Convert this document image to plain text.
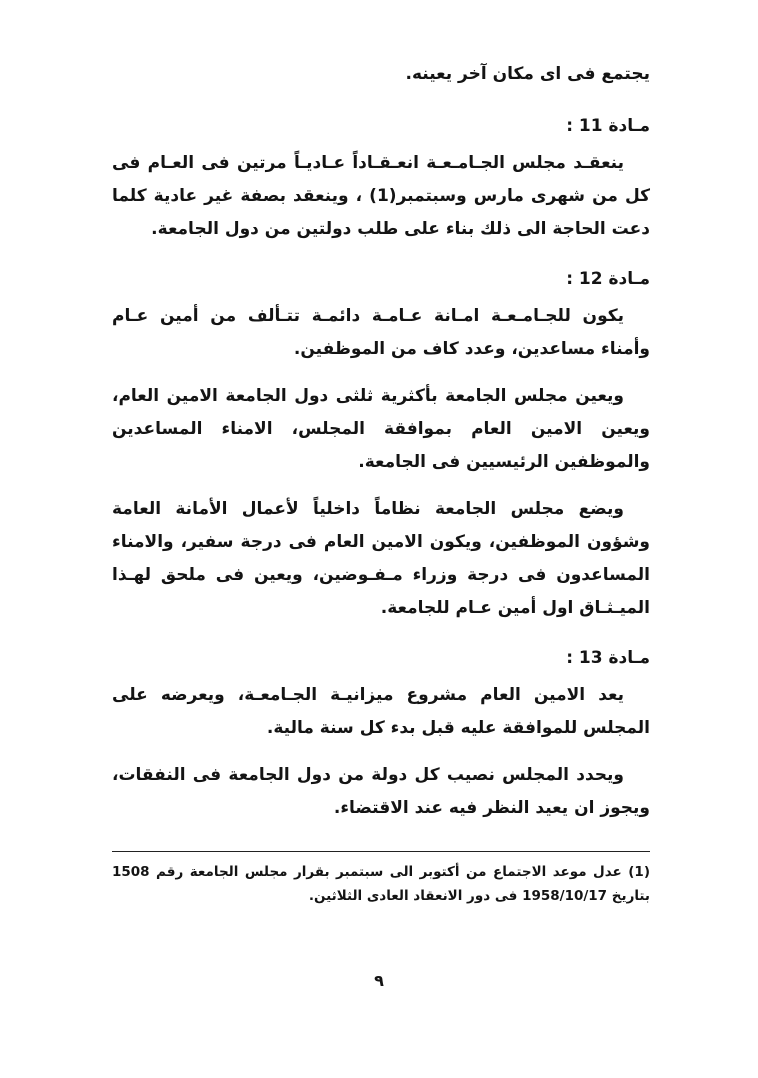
يجتمع فى اى مكان آخر يعينه.

مـادة 11 :

ينعقـد مجلس الجـامـعـة انعـقـاداً عـاديـاً مرتين فى العـام فى كل من شهرى مارس وسبتمبر(1) ، وينعقد بصفة غير عادية كلما دعت الحاجة الى ذلك بناء على طلب دولتين من دول الجامعة.

مـادة 12 :

يكون للجـامـعـة امـانة عـامـة دائمـة تتـألف من أمين عـام وأمناء مساعدين، وعدد كاف من الموظفين.

ويعين مجلس الجامعة بأكثرية ثلثى دول الجامعة الامين العام، ويعين الامين العام بموافقة المجلس، الامناء المساعدين والموظفين الرئيسيين فى الجامعة.

ويضع مجلس الجامعة نظاماً داخلياً لأعمال الأمانة العامة وشؤون الموظفين، ويكون الامين العام فى درجة سفير، والامناء المساعدون فى درجة وزراء مـفـوضين، ويعين فى ملحق لهـذا الميـثـاق اول أمين عـام للجامعة.

مـادة 13 :

يعد الامين العام مشروع ميزانيـة الجـامعـة، ويعرضه على المجلس للموافقة عليه قبل بدء كل سنة مالية.

ويحدد المجلس نصيب كل دولة من دول الجامعة فى النفقات، ويجوز ان يعيد النظر فيه عند الاقتضاء.

(1) عدل موعد الاجتماع من أكتوبر الى سبتمبر بقرار مجلس الجامعة رقم 1508 بتاريخ 1958/10/17 فى دور الانعقاد العادى الثلاثين.

٩
